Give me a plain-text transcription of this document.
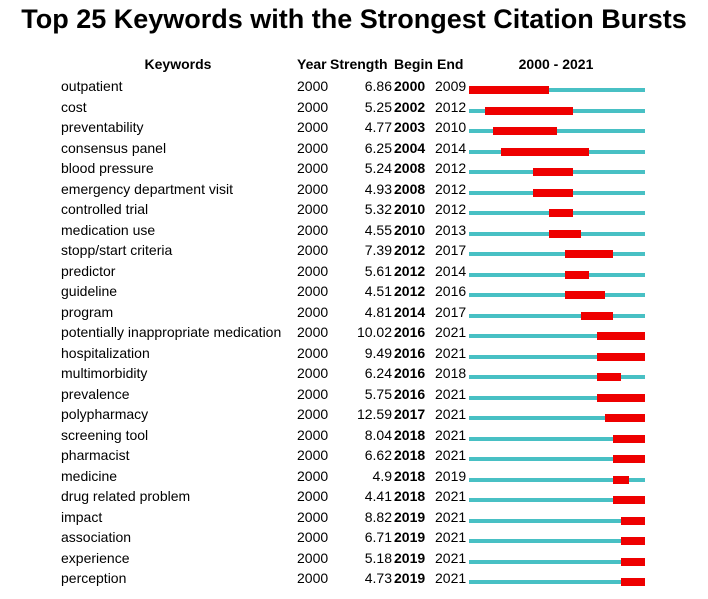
Top 25 Keywords with the Strongest Citation Bursts
Keywords	Year Strength Begin End	2000 - 2021
outpatient	2000	6.86 2000 2009
cost	2000	5.25 2002 2012
preventability	2000	4.77 2003 2010
consensus panel	2000	6.25 2004 2014
blood pressure	2000	5.24 2008 2012
emergency department visit	2000	4.93 2008 2012
controlled trial	2000	5.32 2010 2012
medication use	2000	4.55 2010 2013
stopp/start criteria	2000	7.39 2012 2017
predictor	2000	5.61 2012 2014
guideline	2000	4.51 2012 2016
program	2000	4.81 2014 2017
potentially inappropriate medication 2000 10.02 2016 2021
hospitalization	2000	9.49 2016 2021
multimorbidity	2000	6.24 2016 2018
prevalence	2000	5.75 2016 2021
polypharmacy	2000 12.59 2017 2021
screening tool	2000	8.04 2018 2021
pharmacist	2000	6.62 2018 2021
medicine	2000	4.9 2018 2019
drug related problem	2000	4.41 2018 2021
impact	2000	8.82 2019 2021
association	2000	6.71 2019 2021
experience	2000	5.18 2019 2021
perception	2000	4.73 2019 2021
